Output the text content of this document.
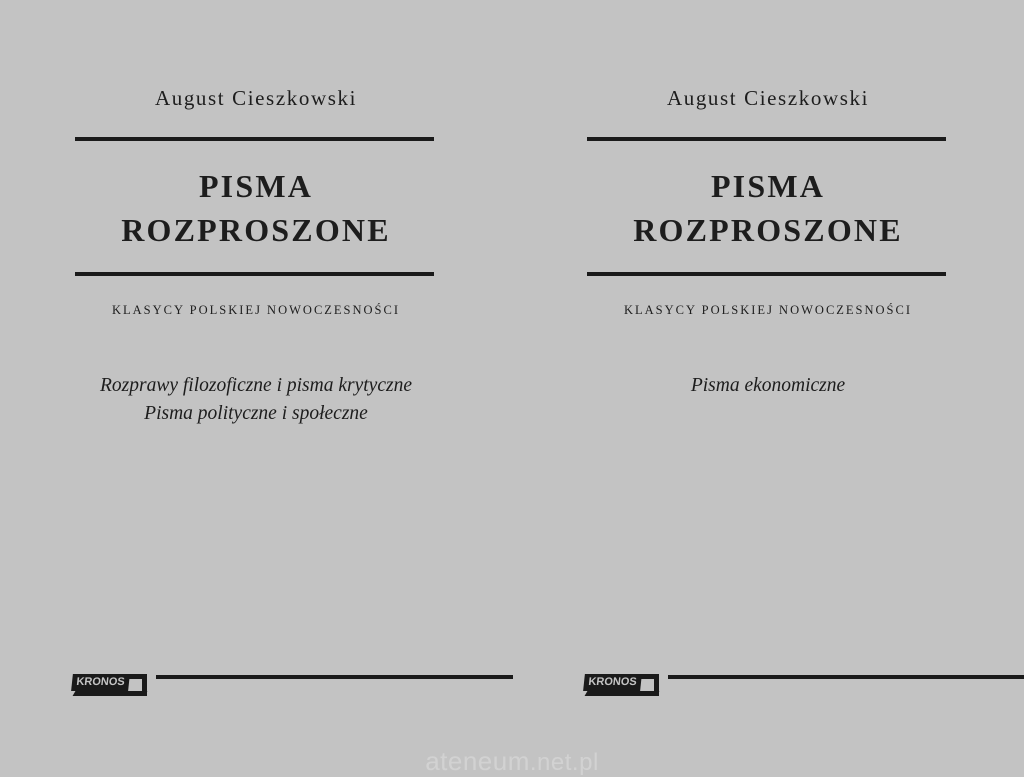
August Cieszkowski
PISMA
ROZPROSZONE
KLASYCY POLSKIEJ NOWOCZESNOŚCI
Rozprawy filozoficzne i pisma krytyczne
Pisma polityczne i społeczne
KRONOS
August Cieszkowski
PISMA
ROZPROSZONE
KLASYCY POLSKIEJ NOWOCZESNOŚCI
Pisma ekonomiczne
KRONOS
ateneum.net.pl
